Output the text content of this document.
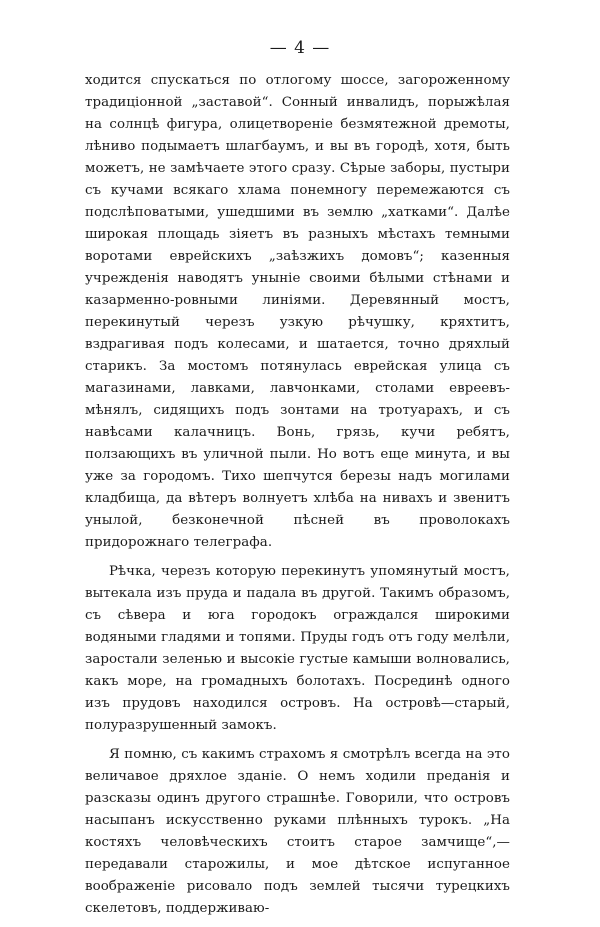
— 4 —

ходится спускаться по отлогому шоссе, загороженному традиціонной „заставой“. Сонный инвалидъ, порыжѣлая на солнцѣ фигура, олицетвореніе безмятежной дремоты, лѣниво подымаетъ шлагбаумъ, и вы въ городѣ, хотя, быть можетъ, не замѣчаете этого сразу. Сѣрые заборы, пустыри съ кучами всякаго хлама понемногу перемежаются съ подслѣповатыми, ушедшими въ землю „хатками“. Далѣе широкая площадь зіяетъ въ разныхъ мѣстахъ темными воротами еврейскихъ „заѣзжихъ домовъ“; казенныя учрежденія наводятъ уныніе своими бѣлыми стѣнами и казарменно-ровными линіями. Деревянный мостъ, перекинутый черезъ узкую рѣчушку, кряхтитъ, вздрагивая подъ колесами, и шатается, точно дряхлый старикъ. За мостомъ потянулась еврейская улица съ магазинами, лавками, лавчонками, столами евреевъ-мѣнялъ, сидящихъ подъ зонтами на тротуарахъ, и съ навѣсами калачницъ. Вонь, грязь, кучи ребятъ, ползающихъ въ уличной пыли. Но вотъ еще минута, и вы уже за городомъ. Тихо шепчутся березы надъ могилами кладбища, да вѣтеръ волнуетъ хлѣба на нивахъ и звенитъ унылой, безконечной пѣсней въ проволокахъ придорожнаго телеграфа.

Рѣчка, черезъ которую перекинутъ упомянутый мостъ, вытекала изъ пруда и падала въ другой. Такимъ образомъ, съ сѣвера и юга городокъ ограждался широкими водяными гладями и топями. Пруды годъ отъ году мелѣли, заростали зеленью и высокіе густые камыши волновались, какъ море, на громадныхъ болотахъ. Посрединѣ одного изъ прудовъ находился островъ. На островѣ—старый, полуразрушенный замокъ.

Я помню, съ какимъ страхомъ я смотрѣлъ всегда на это величавое дряхлое зданіе. О немъ ходили преданія и разсказы одинъ другого страшнѣе. Говорили, что островъ насыпанъ искусственно руками плѣнныхъ турокъ. „На костяхъ человѣческихъ стоитъ старое замчище“,—передавали старожилы, и мое дѣтское испуганное воображеніе рисовало подъ землей тысячи турецкихъ скелетовъ, поддерживаю-
